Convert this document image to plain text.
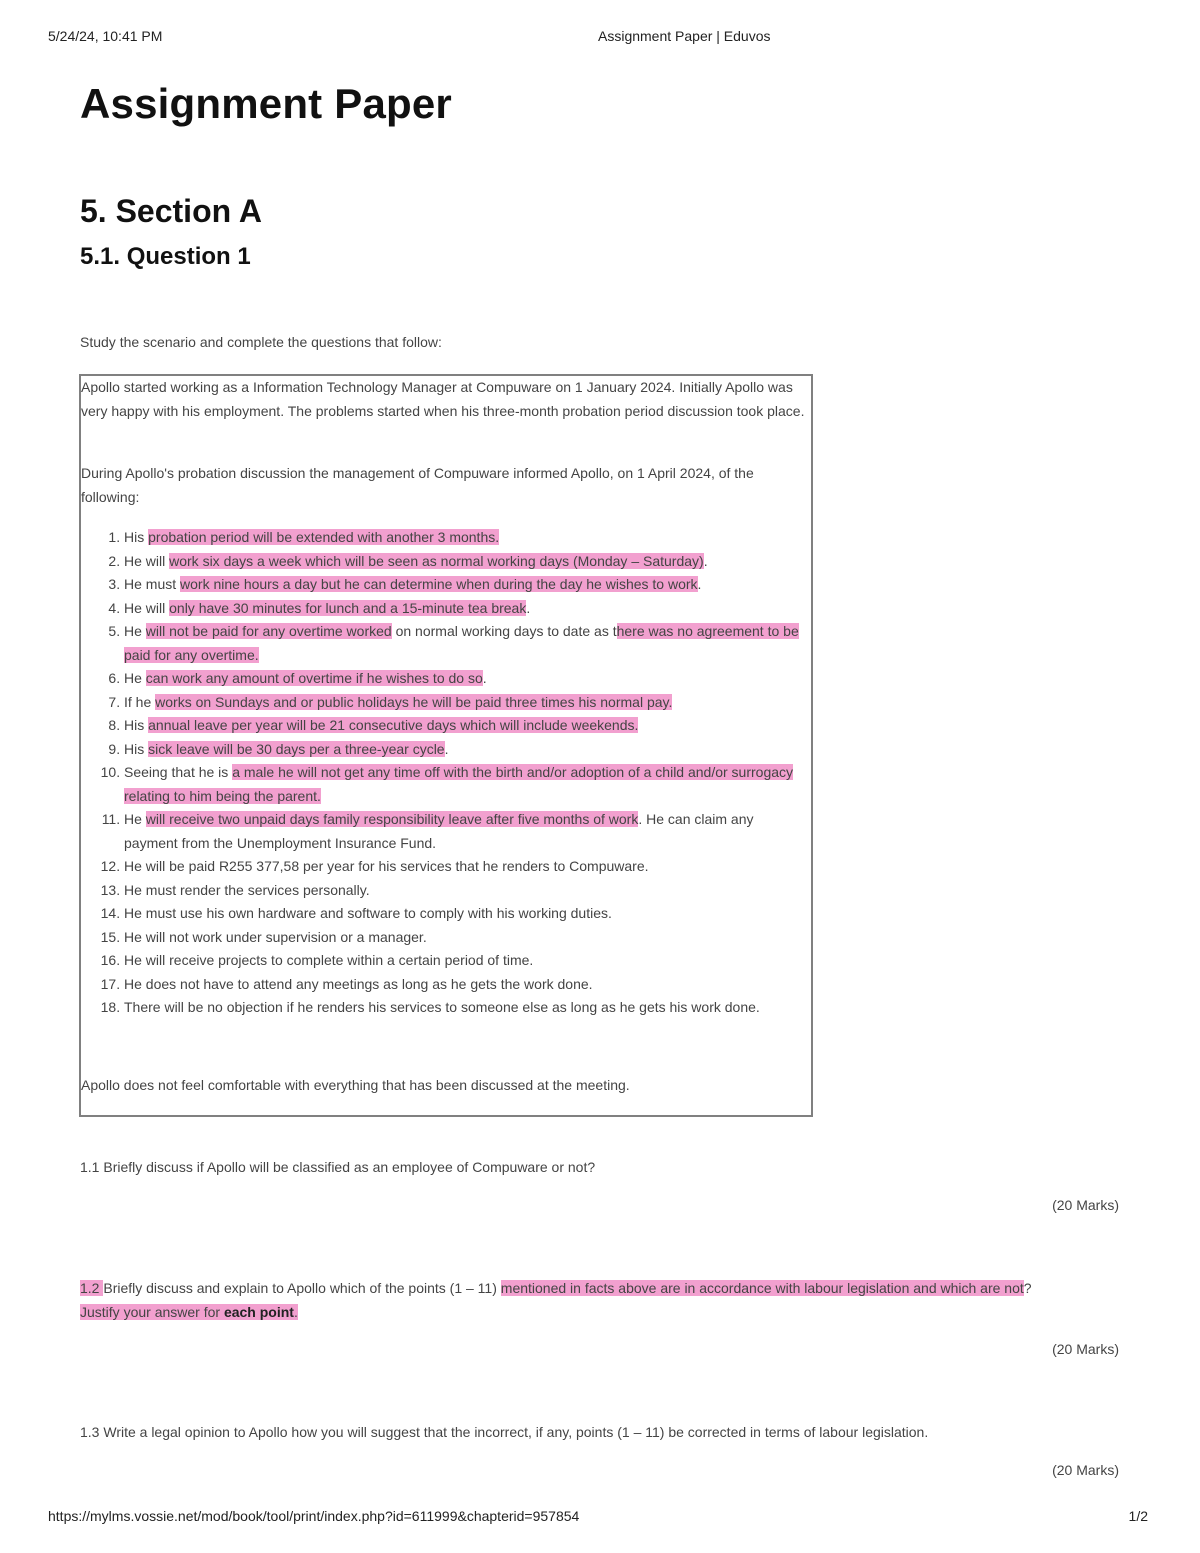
5/24/24, 10:41 PM	Assignment Paper | Eduvos
Assignment Paper
5. Section A
5.1. Question 1
Study the scenario and complete the questions that follow:

Apollo started working as a Information Technology Manager at Compuware on 1 January 2024. Initially Apollo was very happy with his employment. The problems started when his three-month probation period discussion took place.

During Apollo's probation discussion the management of Compuware informed Apollo, on 1 April 2024, of the following:

1. His probation period will be extended with another 3 months.
2. He will work six days a week which will be seen as normal working days (Monday – Saturday).
3. He must work nine hours a day but he can determine when during the day he wishes to work.
4. He will only have 30 minutes for lunch and a 15-minute tea break.
5. He will not be paid for any overtime worked on normal working days to date as there was no agreement to be paid for any overtime.
6. He can work any amount of overtime if he wishes to do so.
7. If he works on Sundays and or public holidays he will be paid three times his normal pay.
8. His annual leave per year will be 21 consecutive days which will include weekends.
9. His sick leave will be 30 days per a three-year cycle.
10. Seeing that he is a male he will not get any time off with the birth and/or adoption of a child and/or surrogacy relating to him being the parent.
11. He will receive two unpaid days family responsibility leave after five months of work. He can claim any payment from the Unemployment Insurance Fund.
12. He will be paid R255 377,58 per year for his services that he renders to Compuware.
13. He must render the services personally.
14. He must use his own hardware and software to comply with his working duties.
15. He will not work under supervision or a manager.
16. He will receive projects to complete within a certain period of time.
17. He does not have to attend any meetings as long as he gets the work done.
18. There will be no objection if he renders his services to someone else as long as he gets his work done.

Apollo does not feel comfortable with everything that has been discussed at the meeting.

1.1 Briefly discuss if Apollo will be classified as an employee of Compuware or not?
(20 Marks)
1.2 Briefly discuss and explain to Apollo which of the points (1 – 11) mentioned in facts above are in accordance with labour legislation and which are not?
Justify your answer for each point.
(20 Marks)
1.3 Write a legal opinion to Apollo how you will suggest that the incorrect, if any, points (1 – 11) be corrected in terms of labour legislation.
(20 Marks)
https://mylms.vossie.net/mod/book/tool/print/index.php?id=611999&chapterid=957854	1/2
